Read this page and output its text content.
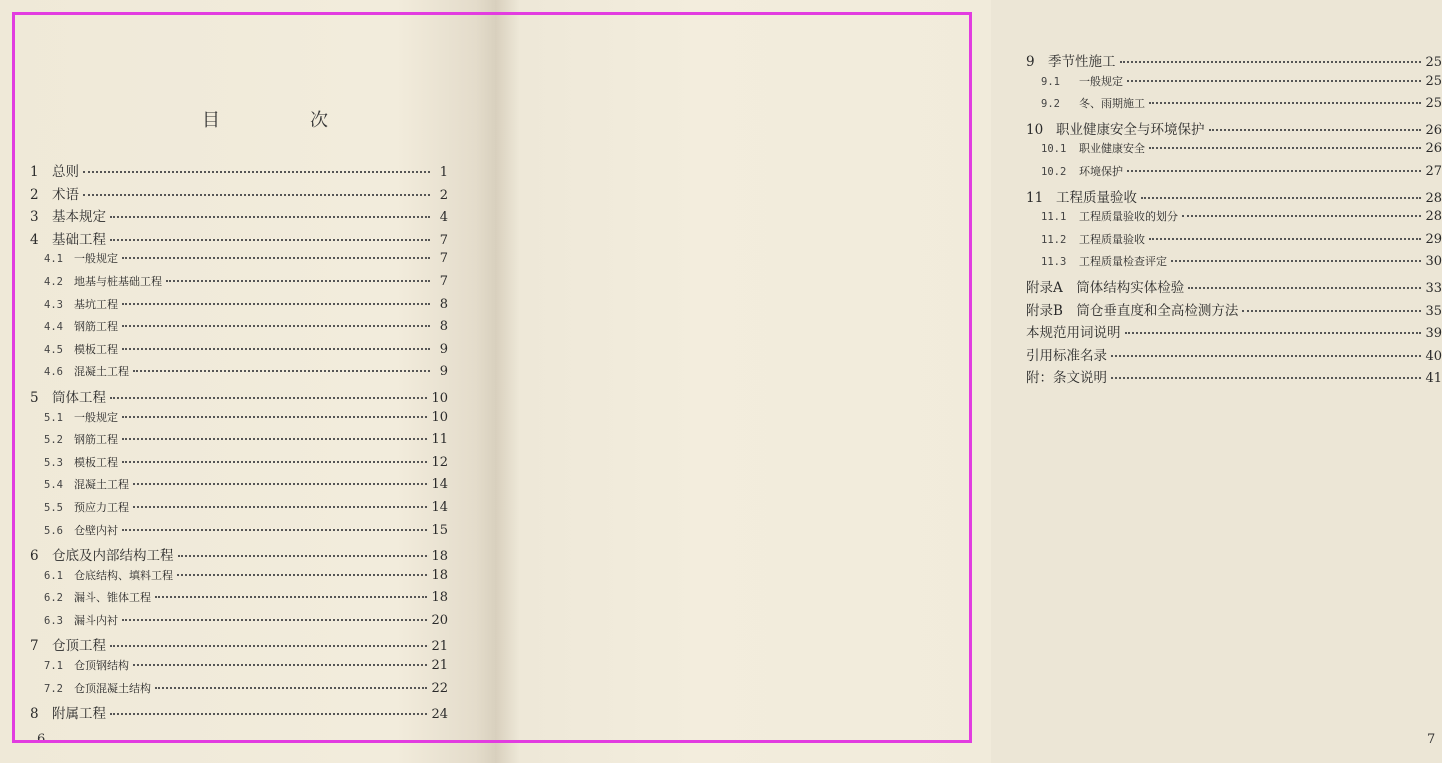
目　次
1 总则	1
2 术语	2
3 基本规定	4
4 基础工程	7
4.1	一般规定	7
4.2	地基与桩基础工程	7
4.3	基坑工程	8
4.4	钢筋工程	8
4.5	模板工程	9
4.6	混凝土工程	9
5 筒体工程	10
5.1	一般规定	10
5.2	钢筋工程	11
5.3	模板工程	12
5.4	混凝土工程	14
5.5	预应力工程	14
5.6	仓壁内衬	15
6 仓底及内部结构工程	18
6.1	仓底结构、填料工程	18
6.2	漏斗、锥体工程	18
6.3	漏斗内衬	20
7 仓顶工程	21
7.1	仓顶钢结构	21
7.2	仓顶混凝土结构	22
8 附属工程	24
6
9 季节性施工	25
9.1	一般规定	25
9.2	冬、雨期施工	25
10 职业健康安全与环境保护	26
10.1	职业健康安全	26
10.2	环境保护	27
11 工程质量验收	28
11.1	工程质量验收的划分	28
11.2	工程质量验收	29
11.3	工程质量检查评定	30
附录A　筒体结构实体检验	33
附录B　筒仓垂直度和全高检测方法	35
本规范用词说明	39
引用标准名录	40
附：条文说明	41
7
